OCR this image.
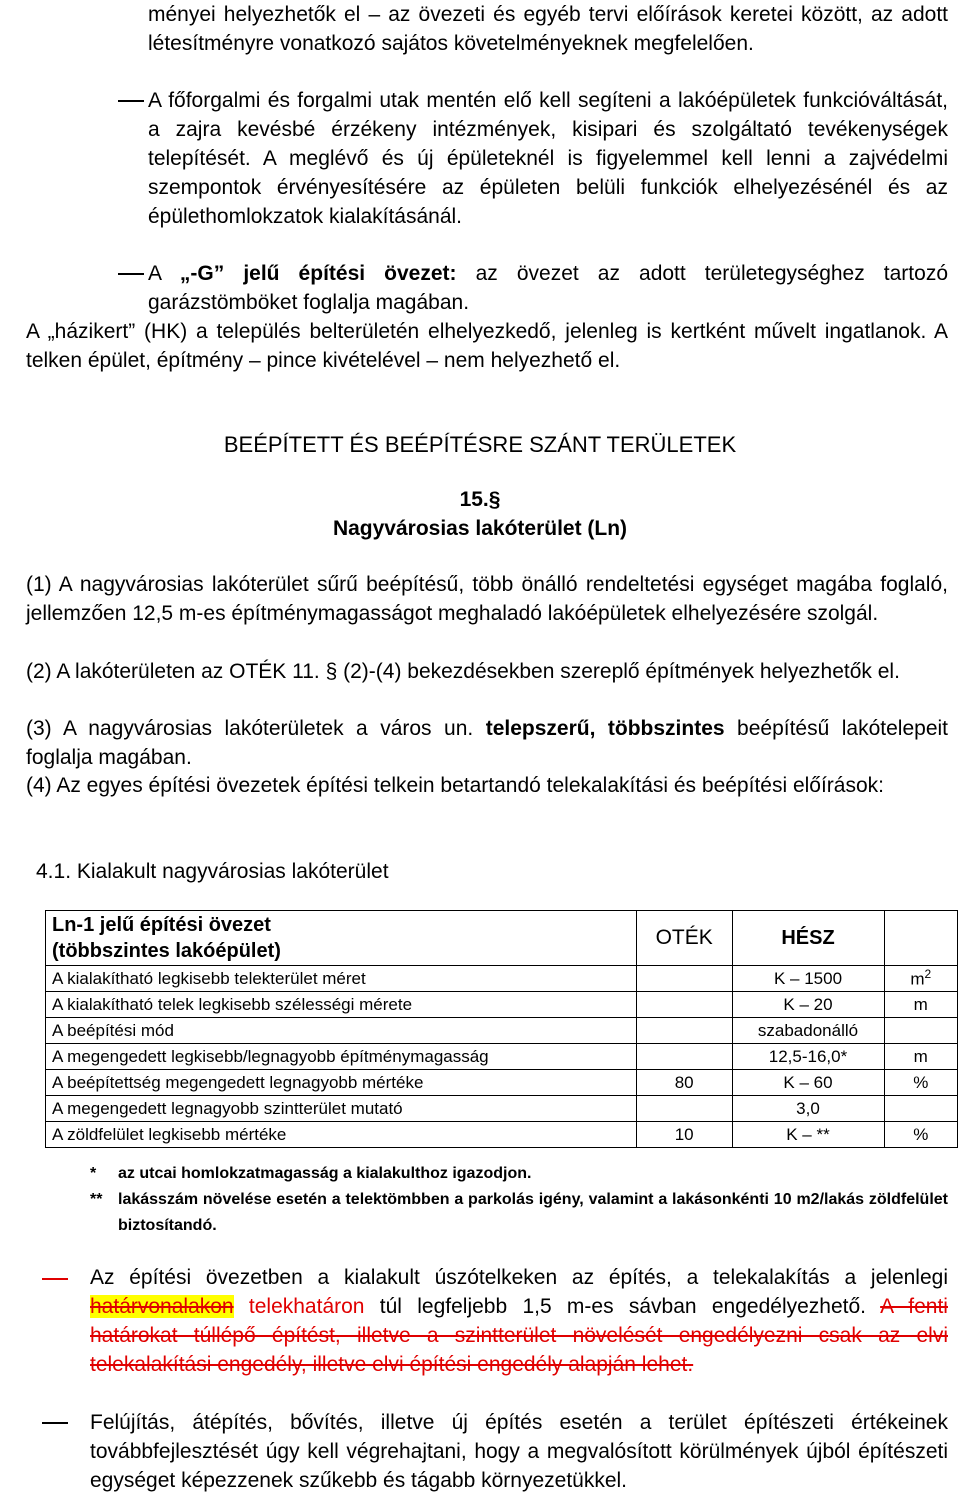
ményei helyezhetők el – az övezeti és egyéb tervi előírások keretei között, az adott létesítményre vonatkozó sajátos követelményeknek megfelelően.
A főforgalmi és forgalmi utak mentén elő kell segíteni a lakóépületek funkcióváltását, a zajra kevésbé érzékeny intézmények, kisipari és szolgáltató tevékenységek telepítését. A meglévő és új épületeknél is figyelemmel kell lenni a zajvédelmi szempontok érvényesítésére az épületen belüli funkciók elhelyezésénél és az épülethomlokzatok kialakításánál.
A „-G” jelű építési övezet: az övezet az adott területegységhez tartozó garázstömböket foglalja magában.
A „házikert” (HK) a település belterületén elhelyezkedő, jelenleg is kertként művelt ingatlanok. A telken épület, építmény – pince kivételével – nem helyezhető el.
BEÉPÍTETT ÉS BEÉPÍTÉSRE SZÁNT TERÜLETEK
15.§
Nagyvárosias lakóterület (Ln)
(1) A nagyvárosias lakóterület sűrű beépítésű, több önálló rendeltetési egységet magába foglaló, jellemzően 12,5 m-es építménymagasságot meghaladó lakóépületek elhelyezésére szolgál.
(2) A lakóterületen az OTÉK 11. § (2)-(4) bekezdésekben szereplő építmények helyezhetők el.
(3) A nagyvárosias lakóterületek a város un. telepszerű, többszintes beépítésű lakótelepeit foglalja magában.
(4) Az egyes építési övezetek építési telkein betartandó telekalakítási és beépítési előírások:
4.1. Kialakult nagyvárosias lakóterület
Ln-1 jelű építési övezet
(többszintes lakóépület)	OTÉK	HÉSZ	
A kialakítható legkisebb telekterület méret		K – 1500	$m^2$
A kialakítható telek legkisebb szélességi mérete		K – 20	m
A beépítési mód		szabadonálló	
A megengedett legkisebb/legnagyobb építménymagasság		12,5-16,0*	m
A beépítettség megengedett legnagyobb mértéke	80	K – 60	%
A megengedett legnagyobb szintterület mutató		3,0	
A zöldfelület legkisebb mértéke	10	K – **	%
* az utcai homlokzatmagasság a kialakulthoz igazodjon.
** lakásszám növelése esetén a telektömbben a parkolás igény, valamint a lakásonkénti 10 m2/lakás zöldfelület biztosítandó.
Az építési övezetben a kialakult úszótelkeken az építés, a telekalakítás a jelenlegi határvonalakon telekhatáron túl legfeljebb 1,5 m-es sávban engedélyezhető. A fenti határokat túllépő építést, illetve a szintterület növelését engedélyezni csak az elvi telekalakítási engedély, illetve elvi építési engedély alapján lehet.
Felújítás, átépítés, bővítés, illetve új építés esetén a terület építészeti értékeinek továbbfejlesztését úgy kell végrehajtani, hogy a megvalósított körülmények újból építészeti egységet képezzenek szűkebb és tágabb környezetükkel.
